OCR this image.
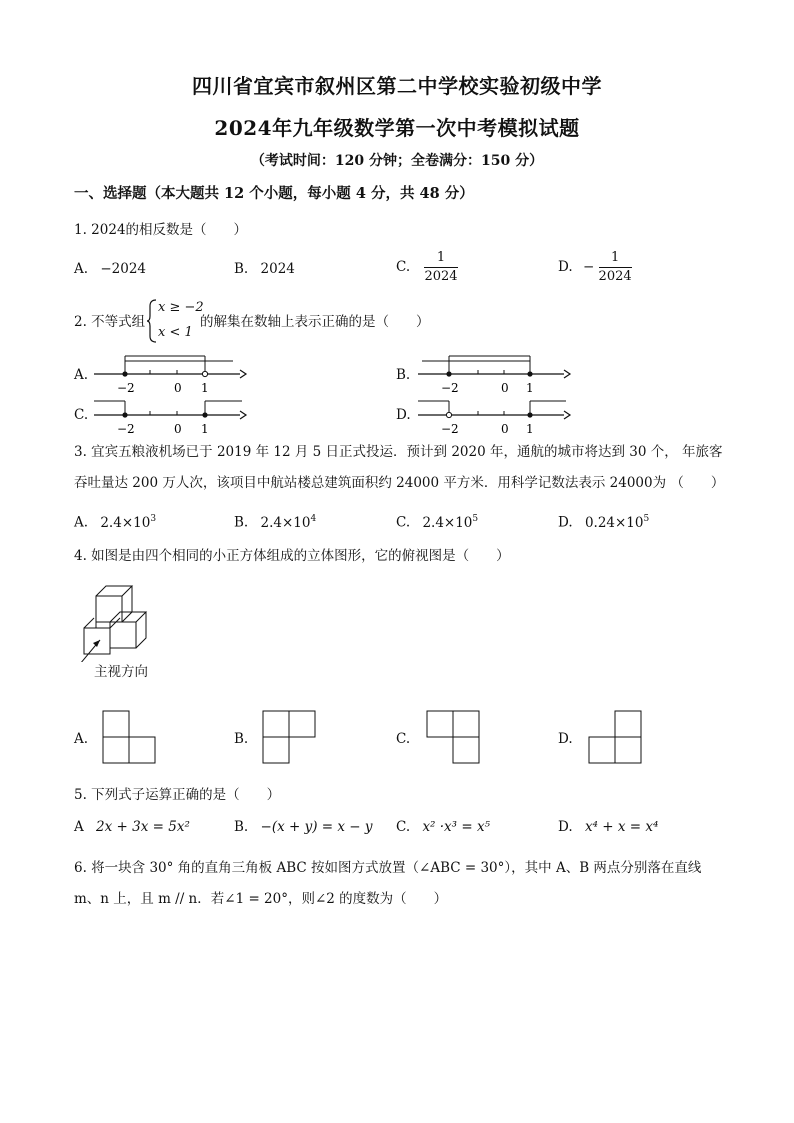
四川省宜宾市叙州区第二中学校实验初级中学
2024年九年级数学第一次中考模拟试题
（考试时间：120 分钟；全卷满分：150 分）
一、选择题（本大题共 12 个小题，每小题 4 分，共 48 分）
1. 2024的相反数是（　　）
A. −2024	B. 2024	C. $\frac{1}{2024}$	D. − $\frac{1}{2024}$
2. 不等式组
x ≥ −2
x < 1
的解集在数轴上表示正确的是（　　）
A.	B.
C.	D.
−2	0 1	−2	0 1
−2	0 1	−2	0 1
3. 宜宾五粮液机场已于 2019 年 12 月 5 日正式投运．预计到 2020 年，通航的城市将达到 30 个， 年旅客
吞吐量达 200 万人次，该项目中航站楼总建筑面积约 24000 平方米．用科学记数法表示 24000为 （　　）
A. $2.4\times 10^3$	B. $2.4\times 10^4$	C. $2.4\times 10^5$	D. $0.24\times 10^5$
4. 如图是由四个相同的小正方体组成的立体图形，它的俯视图是（　　）
主视方向
A.	B.	C.	D.
5. 下列式子运算正确的是（　　）
A 2x + 3x = 5x²	B. −(x + y) = x − y C. x² ·x³ = x⁵	D. x⁴ + x = x⁴
6. 将一块含 30° 角的直角三角板 ABC 按如图方式放置（∠ABC = 30°），其中 A、B 两点分别落在直线
m、n 上，且 m // n．若∠1 = 20°，则∠2 的度数为（　　）
